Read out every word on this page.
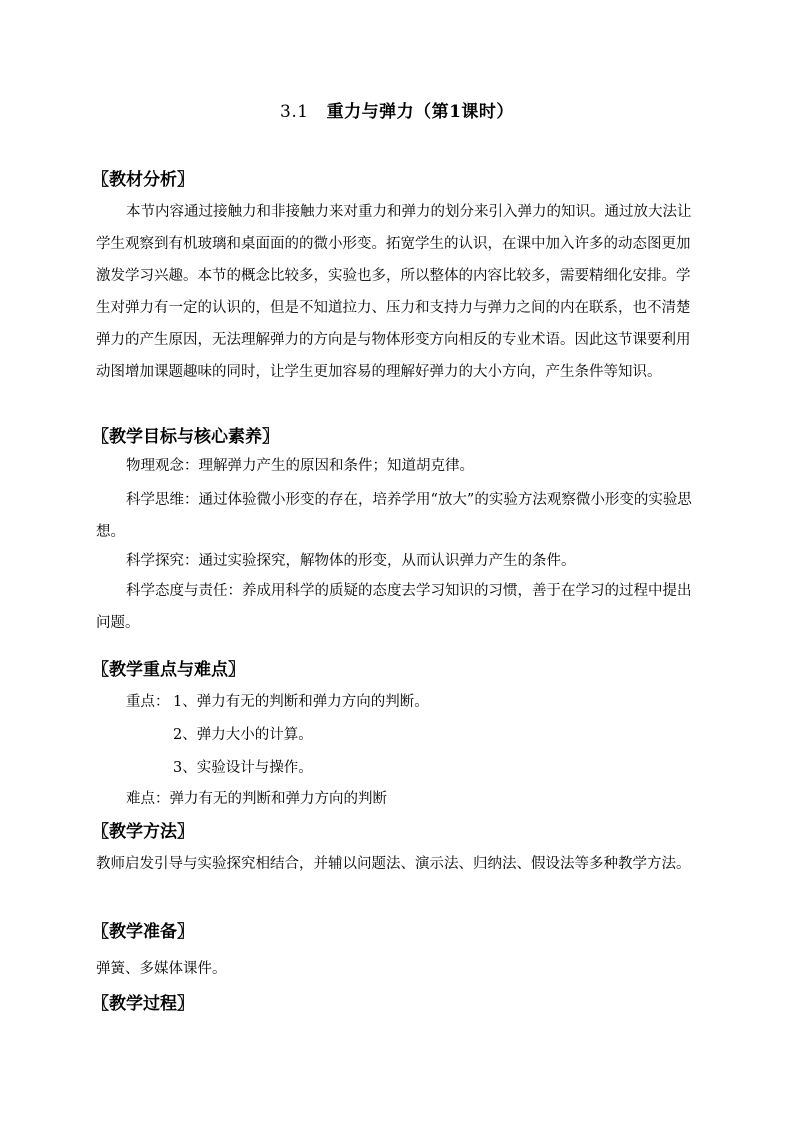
3.1 重力与弹力（第1课时）
〖教材分析〗
本节内容通过接触力和非接触力来对重力和弹力的划分来引入弹力的知识。通过放大法让学生观察到有机玻璃和桌面面的的微小形变。拓宽学生的认识，在课中加入许多的动态图更加激发学习兴趣。本节的概念比较多，实验也多，所以整体的内容比较多，需要精细化安排。学生对弹力有一定的认识的，但是不知道拉力、压力和支持力与弹力之间的内在联系，也不清楚弹力的产生原因，无法理解弹力的方向是与物体形变方向相反的专业术语。因此这节课要利用动图增加课题趣味的同时，让学生更加容易的理解好弹力的大小方向，产生条件等知识。
〖教学目标与核心素养〗
物理观念：理解弹力产生的原因和条件；知道胡克律。
科学思维：通过体验微小形变的存在，培养学用“放大”的实验方法观察微小形变的实验思想。
科学探究：通过实验探究，解物体的形变，从而认识弹力产生的条件。
科学态度与责任：养成用科学的质疑的态度去学习知识的习惯，善于在学习的过程中提出问题。
〖教学重点与难点〗
重点： 1、弹力有无的判断和弹力方向的判断。
2、弹力大小的计算。
3、实验设计与操作。
难点：弹力有无的判断和弹力方向的判断
〖教学方法〗
教师启发引导与实验探究相结合，并辅以问题法、演示法、归纳法、假设法等多种教学方法。
〖教学准备〗
弹簧、多媒体课件。
〖教学过程〗
